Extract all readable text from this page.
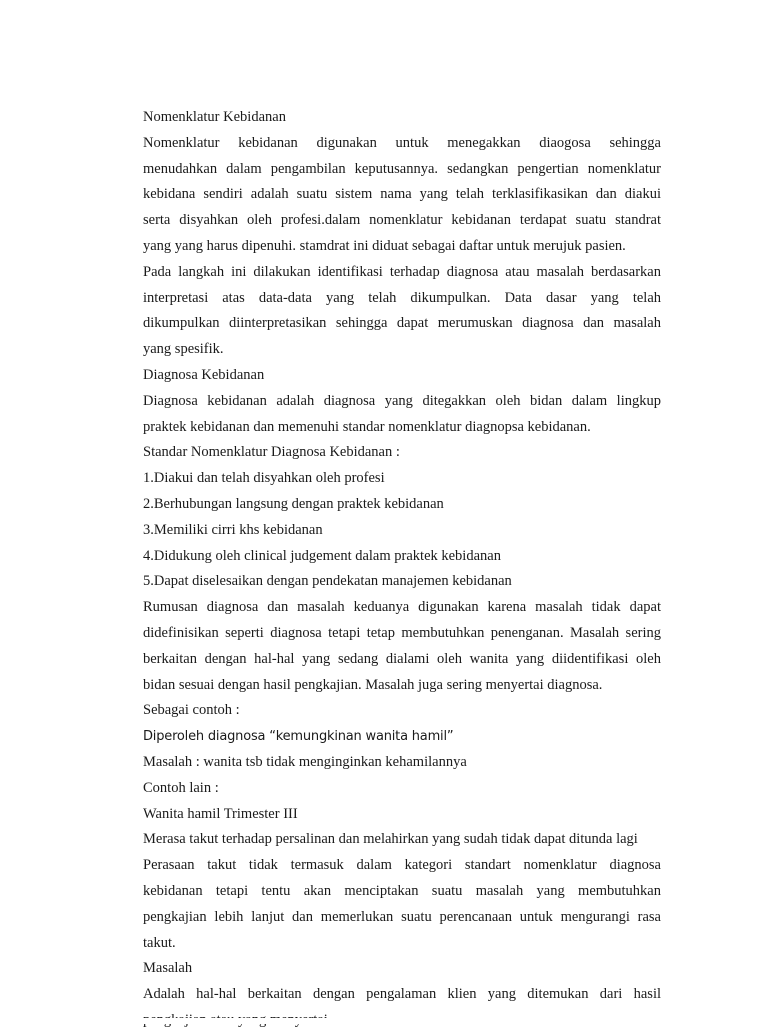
Nomenklatur Kebidanan
Nomenklatur kebidanan digunakan untuk menegakkan diaogosa sehingga
menudahkan dalam pengambilan keputusannya. sedangkan pengertian nomenklatur
kebidana sendiri adalah suatu sistem nama yang telah terklasifikasikan dan diakui
serta disyahkan oleh profesi.dalam nomenklatur kebidanan terdapat suatu standrat
yang yang harus dipenuhi. stamdrat ini diduat sebagai daftar untuk merujuk pasien.
Pada langkah ini dilakukan identifikasi terhadap diagnosa atau masalah berdasarkan
interpretasi atas data-data yang telah dikumpulkan. Data dasar yang telah
dikumpulkan diinterpretasikan sehingga dapat merumuskan diagnosa dan masalah
yang spesifik.
Diagnosa Kebidanan
Diagnosa kebidanan adalah diagnosa yang ditegakkan oleh bidan dalam lingkup
praktek kebidanan dan memenuhi standar nomenklatur diagnopsa kebidanan.
Standar Nomenklatur Diagnosa Kebidanan :
1.Diakui dan telah disyahkan oleh profesi
2.Berhubungan langsung dengan praktek kebidanan
3.Memiliki cirri khs kebidanan
4.Didukung oleh clinical judgement dalam praktek kebidanan
5.Dapat diselesaikan dengan pendekatan manajemen kebidanan
Rumusan diagnosa dan masalah keduanya digunakan karena masalah tidak dapat
didefinisikan seperti diagnosa tetapi tetap membutuhkan penenganan. Masalah sering
berkaitan dengan hal-hal yang sedang dialami oleh wanita yang diidentifikasi oleh
bidan sesuai dengan hasil pengkajian. Masalah juga sering menyertai diagnosa.
Sebagai contoh :
Diperoleh diagnosa “kemungkinan wanita hamil”
Masalah : wanita tsb tidak menginginkan kehamilannya
Contoh lain :
Wanita hamil Trimester III
Merasa takut terhadap persalinan dan melahirkan yang sudah tidak dapat ditunda lagi
Perasaan takut tidak termasuk dalam kategori standart nomenklatur diagnosa
kebidanan tetapi tentu akan menciptakan suatu masalah yang membutuhkan
pengkajian lebih lanjut dan memerlukan suatu perencanaan untuk mengurangi rasa
takut.
Masalah
Adalah hal-hal berkaitan dengan pengalaman klien yang ditemukan dari hasil
